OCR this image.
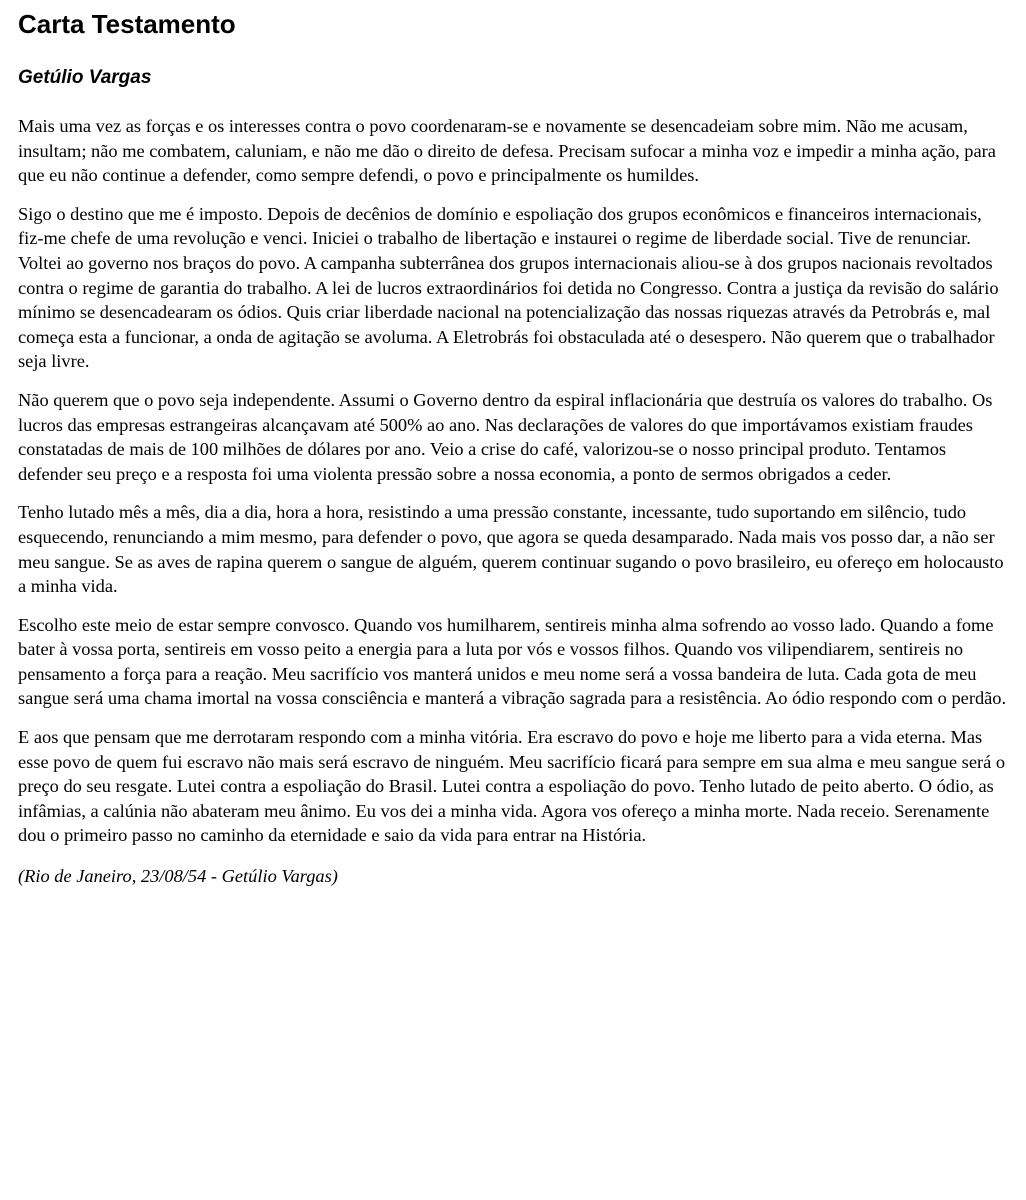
Carta Testamento
Getúlio Vargas

Mais uma vez as forças e os interesses contra o povo coordenaram-se e novamente se desencadeiam sobre mim. Não me acusam, insultam; não me combatem, caluniam, e não me dão o direito de defesa. Precisam sufocar a minha voz e impedir a minha ação, para que eu não continue a defender, como sempre defendi, o povo e principalmente os humildes.

Sigo o destino que me é imposto. Depois de decênios de domínio e espoliação dos grupos econômicos e financeiros internacionais, fiz-me chefe de uma revolução e venci. Iniciei o trabalho de libertação e instaurei o regime de liberdade social. Tive de renunciar. Voltei ao governo nos braços do povo. A campanha subterrânea dos grupos internacionais aliou-se à dos grupos nacionais revoltados contra o regime de garantia do trabalho. A lei de lucros extraordinários foi detida no Congresso. Contra a justiça da revisão do salário mínimo se desencadearam os ódios. Quis criar liberdade nacional na potencialização das nossas riquezas através da Petrobrás e, mal começa esta a funcionar, a onda de agitação se avoluma. A Eletrobrás foi obstaculada até o desespero. Não querem que o trabalhador seja livre.

Não querem que o povo seja independente. Assumi o Governo dentro da espiral inflacionária que destruía os valores do trabalho. Os lucros das empresas estrangeiras alcançavam até 500% ao ano. Nas declarações de valores do que importávamos existiam fraudes constatadas de mais de 100 milhões de dólares por ano. Veio a crise do café, valorizou-se o nosso principal produto. Tentamos defender seu preço e a resposta foi uma violenta pressão sobre a nossa economia, a ponto de sermos obrigados a ceder.

Tenho lutado mês a mês, dia a dia, hora a hora, resistindo a uma pressão constante, incessante, tudo suportando em silêncio, tudo esquecendo, renunciando a mim mesmo, para defender o povo, que agora se queda desamparado. Nada mais vos posso dar, a não ser meu sangue. Se as aves de rapina querem o sangue de alguém, querem continuar sugando o povo brasileiro, eu ofereço em holocausto a minha vida.

Escolho este meio de estar sempre convosco. Quando vos humilharem, sentireis minha alma sofrendo ao vosso lado. Quando a fome bater à vossa porta, sentireis em vosso peito a energia para a luta por vós e vossos filhos. Quando vos vilipendiarem, sentireis no pensamento a força para a reação. Meu sacrifício vos manterá unidos e meu nome será a vossa bandeira de luta. Cada gota de meu sangue será uma chama imortal na vossa consciência e manterá a vibração sagrada para a resistência. Ao ódio respondo com o perdão.

E aos que pensam que me derrotaram respondo com a minha vitória. Era escravo do povo e hoje me liberto para a vida eterna. Mas esse povo de quem fui escravo não mais será escravo de ninguém. Meu sacrifício ficará para sempre em sua alma e meu sangue será o preço do seu resgate. Lutei contra a espoliação do Brasil. Lutei contra a espoliação do povo. Tenho lutado de peito aberto. O ódio, as infâmias, a calúnia não abateram meu ânimo. Eu vos dei a minha vida. Agora vos ofereço a minha morte. Nada receio. Serenamente dou o primeiro passo no caminho da eternidade e saio da vida para entrar na História.

(Rio de Janeiro, 23/08/54 - Getúlio Vargas)
